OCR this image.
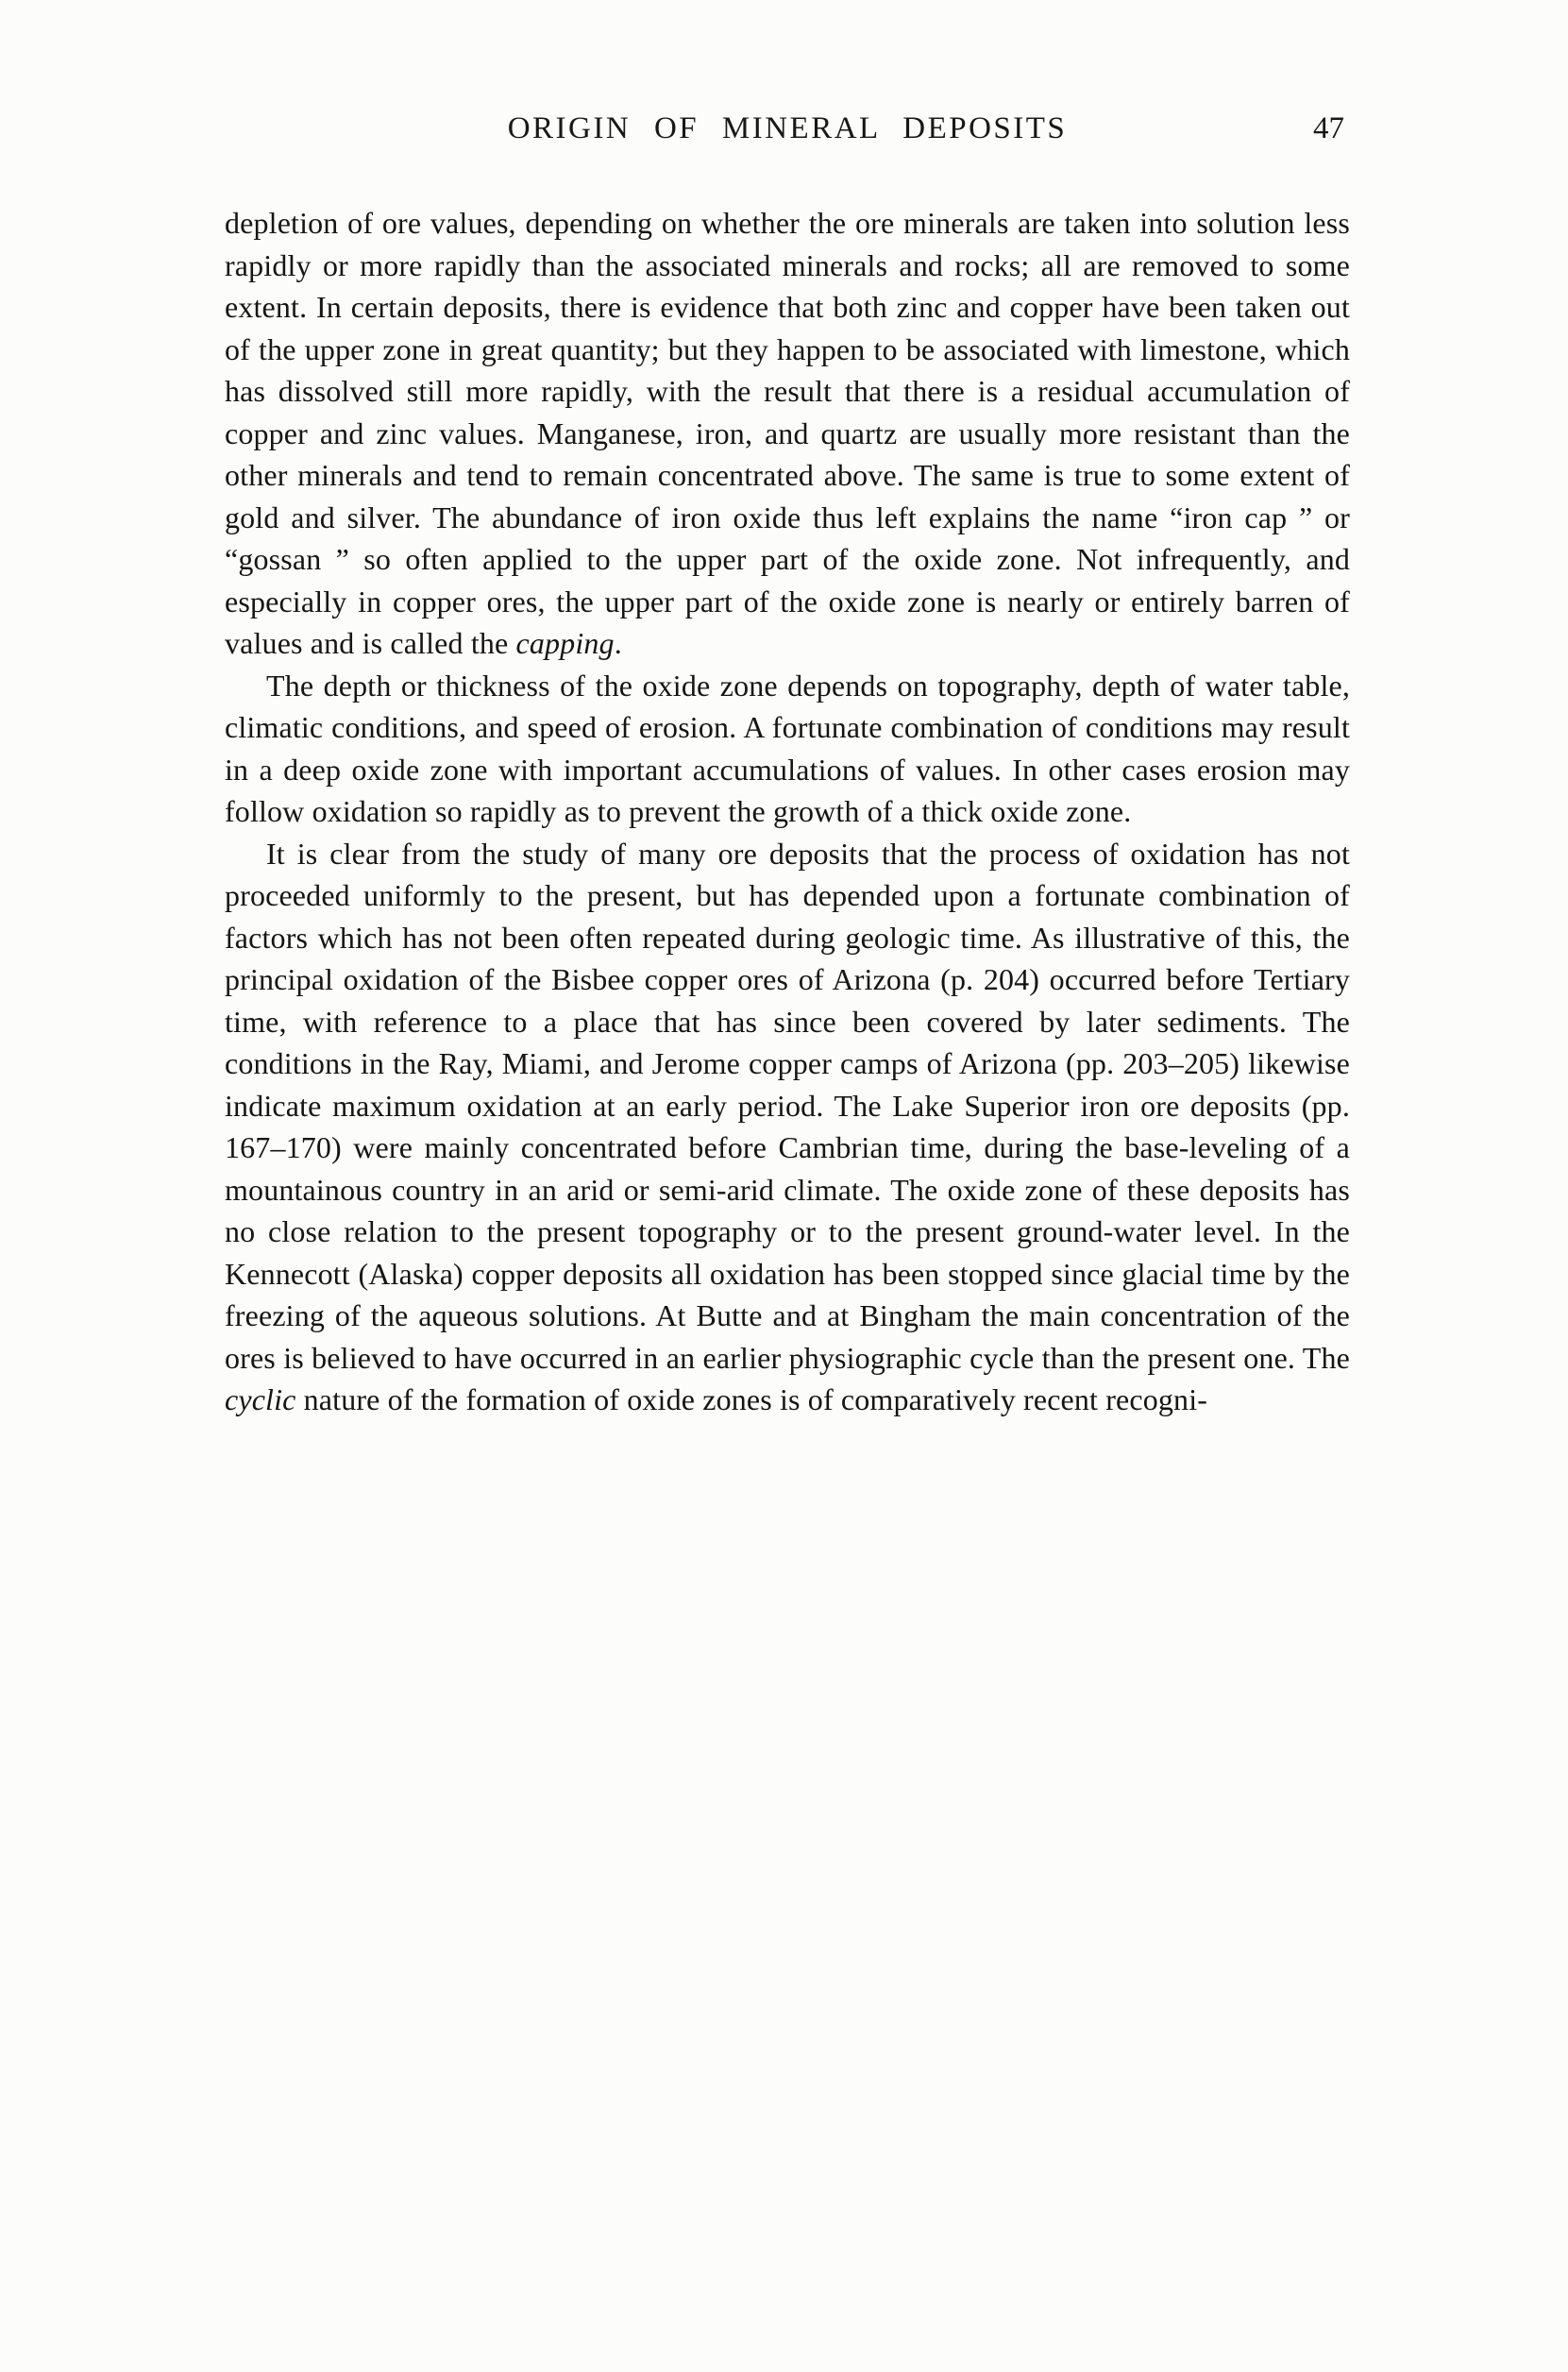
ORIGIN OF MINERAL DEPOSITS	47

depletion of ore values, depending on whether the ore minerals are taken into solution less rapidly or more rapidly than the associated minerals and rocks; all are removed to some extent. In certain deposits, there is evidence that both zinc and copper have been taken out of the upper zone in great quantity; but they happen to be associated with limestone, which has dissolved still more rapidly, with the result that there is a residual accumulation of copper and zinc values. Manganese, iron, and quartz are usually more resistant than the other minerals and tend to remain concentrated above. The same is true to some extent of gold and silver. The abundance of iron oxide thus left explains the name “iron cap ” or “gossan ” so often applied to the upper part of the oxide zone. Not infrequently, and especially in copper ores, the upper part of the oxide zone is nearly or entirely barren of values and is called the capping.

The depth or thickness of the oxide zone depends on topography, depth of water table, climatic conditions, and speed of erosion. A fortunate combination of conditions may result in a deep oxide zone with important accumulations of values. In other cases erosion may follow oxidation so rapidly as to prevent the growth of a thick oxide zone.

It is clear from the study of many ore deposits that the process of oxidation has not proceeded uniformly to the present, but has depended upon a fortunate combination of factors which has not been often repeated during geologic time. As illustrative of this, the principal oxidation of the Bisbee copper ores of Arizona (p. 204) occurred before Tertiary time, with reference to a place that has since been covered by later sediments. The conditions in the Ray, Miami, and Jerome copper camps of Arizona (pp. 203–205) likewise indicate maximum oxidation at an early period. The Lake Superior iron ore deposits (pp. 167–170) were mainly concentrated before Cambrian time, during the base-leveling of a mountainous country in an arid or semi-arid climate. The oxide zone of these deposits has no close relation to the present topography or to the present ground-water level. In the Kennecott (Alaska) copper deposits all oxidation has been stopped since glacial time by the freezing of the aqueous solutions. At Butte and at Bingham the main concentration of the ores is believed to have occurred in an earlier physiographic cycle than the present one. The cyclic nature of the formation of oxide zones is of comparatively recent recogni-
